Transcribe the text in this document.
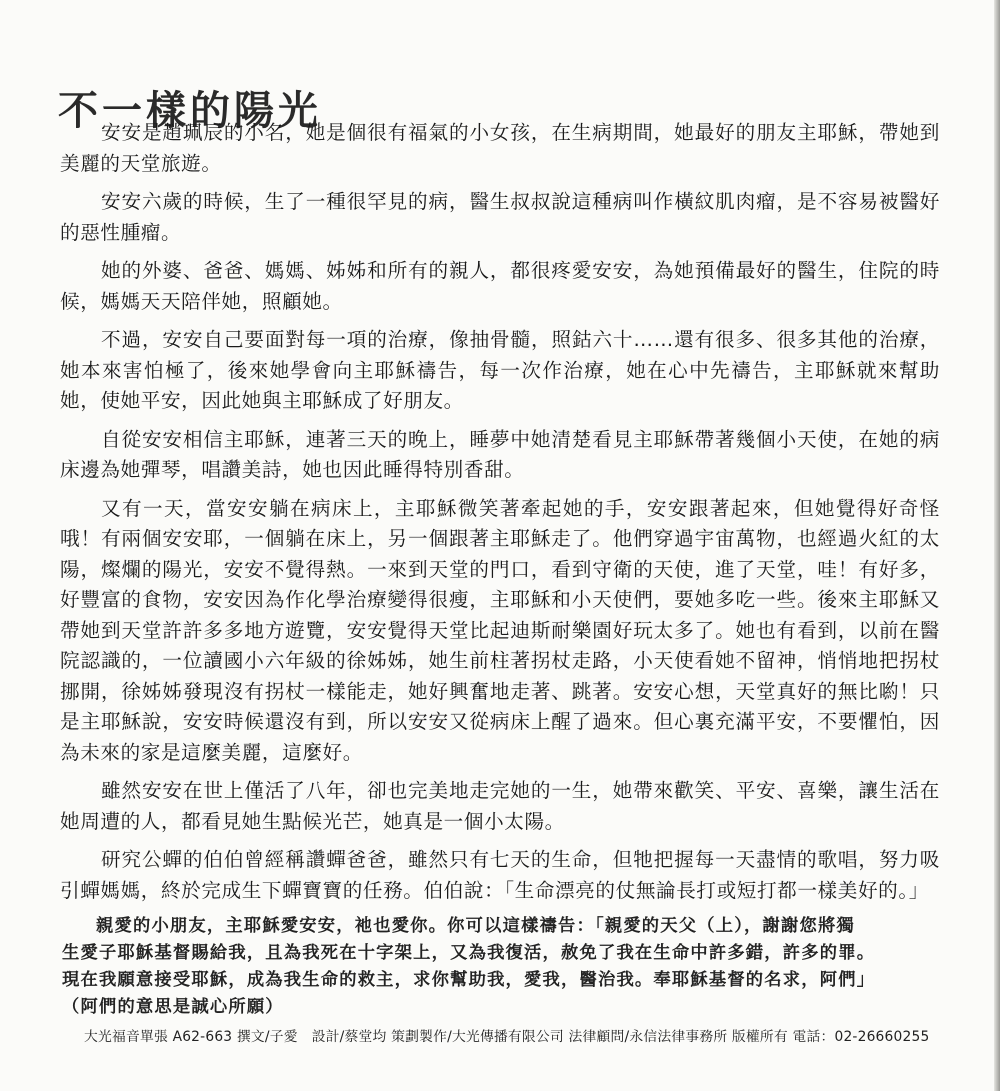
不一樣的陽光

安安是趙珮辰的小名，她是個很有福氣的小女孩，在生病期間，她最好的朋友主耶穌，帶她到美麗的天堂旅遊。

安安六歲的時候，生了一種很罕見的病，醫生叔叔說這種病叫作橫紋肌肉瘤，是不容易被醫好的惡性腫瘤。

她的外婆、爸爸、媽媽、姊姊和所有的親人，都很疼愛安安，為她預備最好的醫生，住院的時候，媽媽天天陪伴她，照顧她。

不過，安安自己要面對每一項的治療，像抽骨髓，照鈷六十……還有很多、很多其他的治療，她本來害怕極了，後來她學會向主耶穌禱告，每一次作治療，她在心中先禱告，主耶穌就來幫助她，使她平安，因此她與主耶穌成了好朋友。

自從安安相信主耶穌，連著三天的晚上，睡夢中她清楚看見主耶穌帶著幾個小天使，在她的病床邊為她彈琴，唱讚美詩，她也因此睡得特別香甜。

又有一天，當安安躺在病床上，主耶穌微笑著牽起她的手，安安跟著起來，但她覺得好奇怪哦！有兩個安安耶，一個躺在床上，另一個跟著主耶穌走了。他們穿過宇宙萬物，也經過火紅的太陽，燦爛的陽光，安安不覺得熱。一來到天堂的門口，看到守衛的天使，進了天堂，哇！有好多，好豐富的食物，安安因為作化學治療變得很瘦，主耶穌和小天使們，要她多吃一些。後來主耶穌又帶她到天堂許許多多地方遊覽，安安覺得天堂比起迪斯耐樂園好玩太多了。她也有看到，以前在醫院認識的，一位讀國小六年級的徐姊姊，她生前柱著拐杖走路，小天使看她不留神，悄悄地把拐杖挪開，徐姊姊發現沒有拐杖一樣能走，她好興奮地走著、跳著。安安心想，天堂真好的無比喲！只是主耶穌說，安安時候還沒有到，所以安安又從病床上醒了過來。但心裏充滿平安，不要懼怕，因為未來的家是這麼美麗，這麼好。

雖然安安在世上僅活了八年，卻也完美地走完她的一生，她帶來歡笑、平安、喜樂，讓生活在她周遭的人，都看見她生點候光芒，她真是一個小太陽。

研究公蟬的伯伯曾經稱讚蟬爸爸，雖然只有七天的生命，但牠把握每一天盡情的歌唱，努力吸引蟬媽媽，終於完成生下蟬寶寶的任務。伯伯說：「生命漂亮的仗無論長打或短打都一樣美好的。」

親愛的小朋友，主耶穌愛安安，祂也愛你。你可以這樣禱告：「親愛的天父（上），謝謝您將獨
生愛子耶穌基督賜給我，且為我死在十字架上，又為我復活，赦免了我在生命中許多錯，許多的罪。
現在我願意接受耶穌，成為我生命的救主，求你幫助我，愛我，醫治我。奉耶穌基督的名求，阿們」
（阿們的意思是誠心所願）
大光福音單張 A62-663 撰文/子愛　設計/蔡堂均 策劃製作/大光傳播有限公司 法律顧問/永信法律事務所 版權所有 電話：02-26660255
